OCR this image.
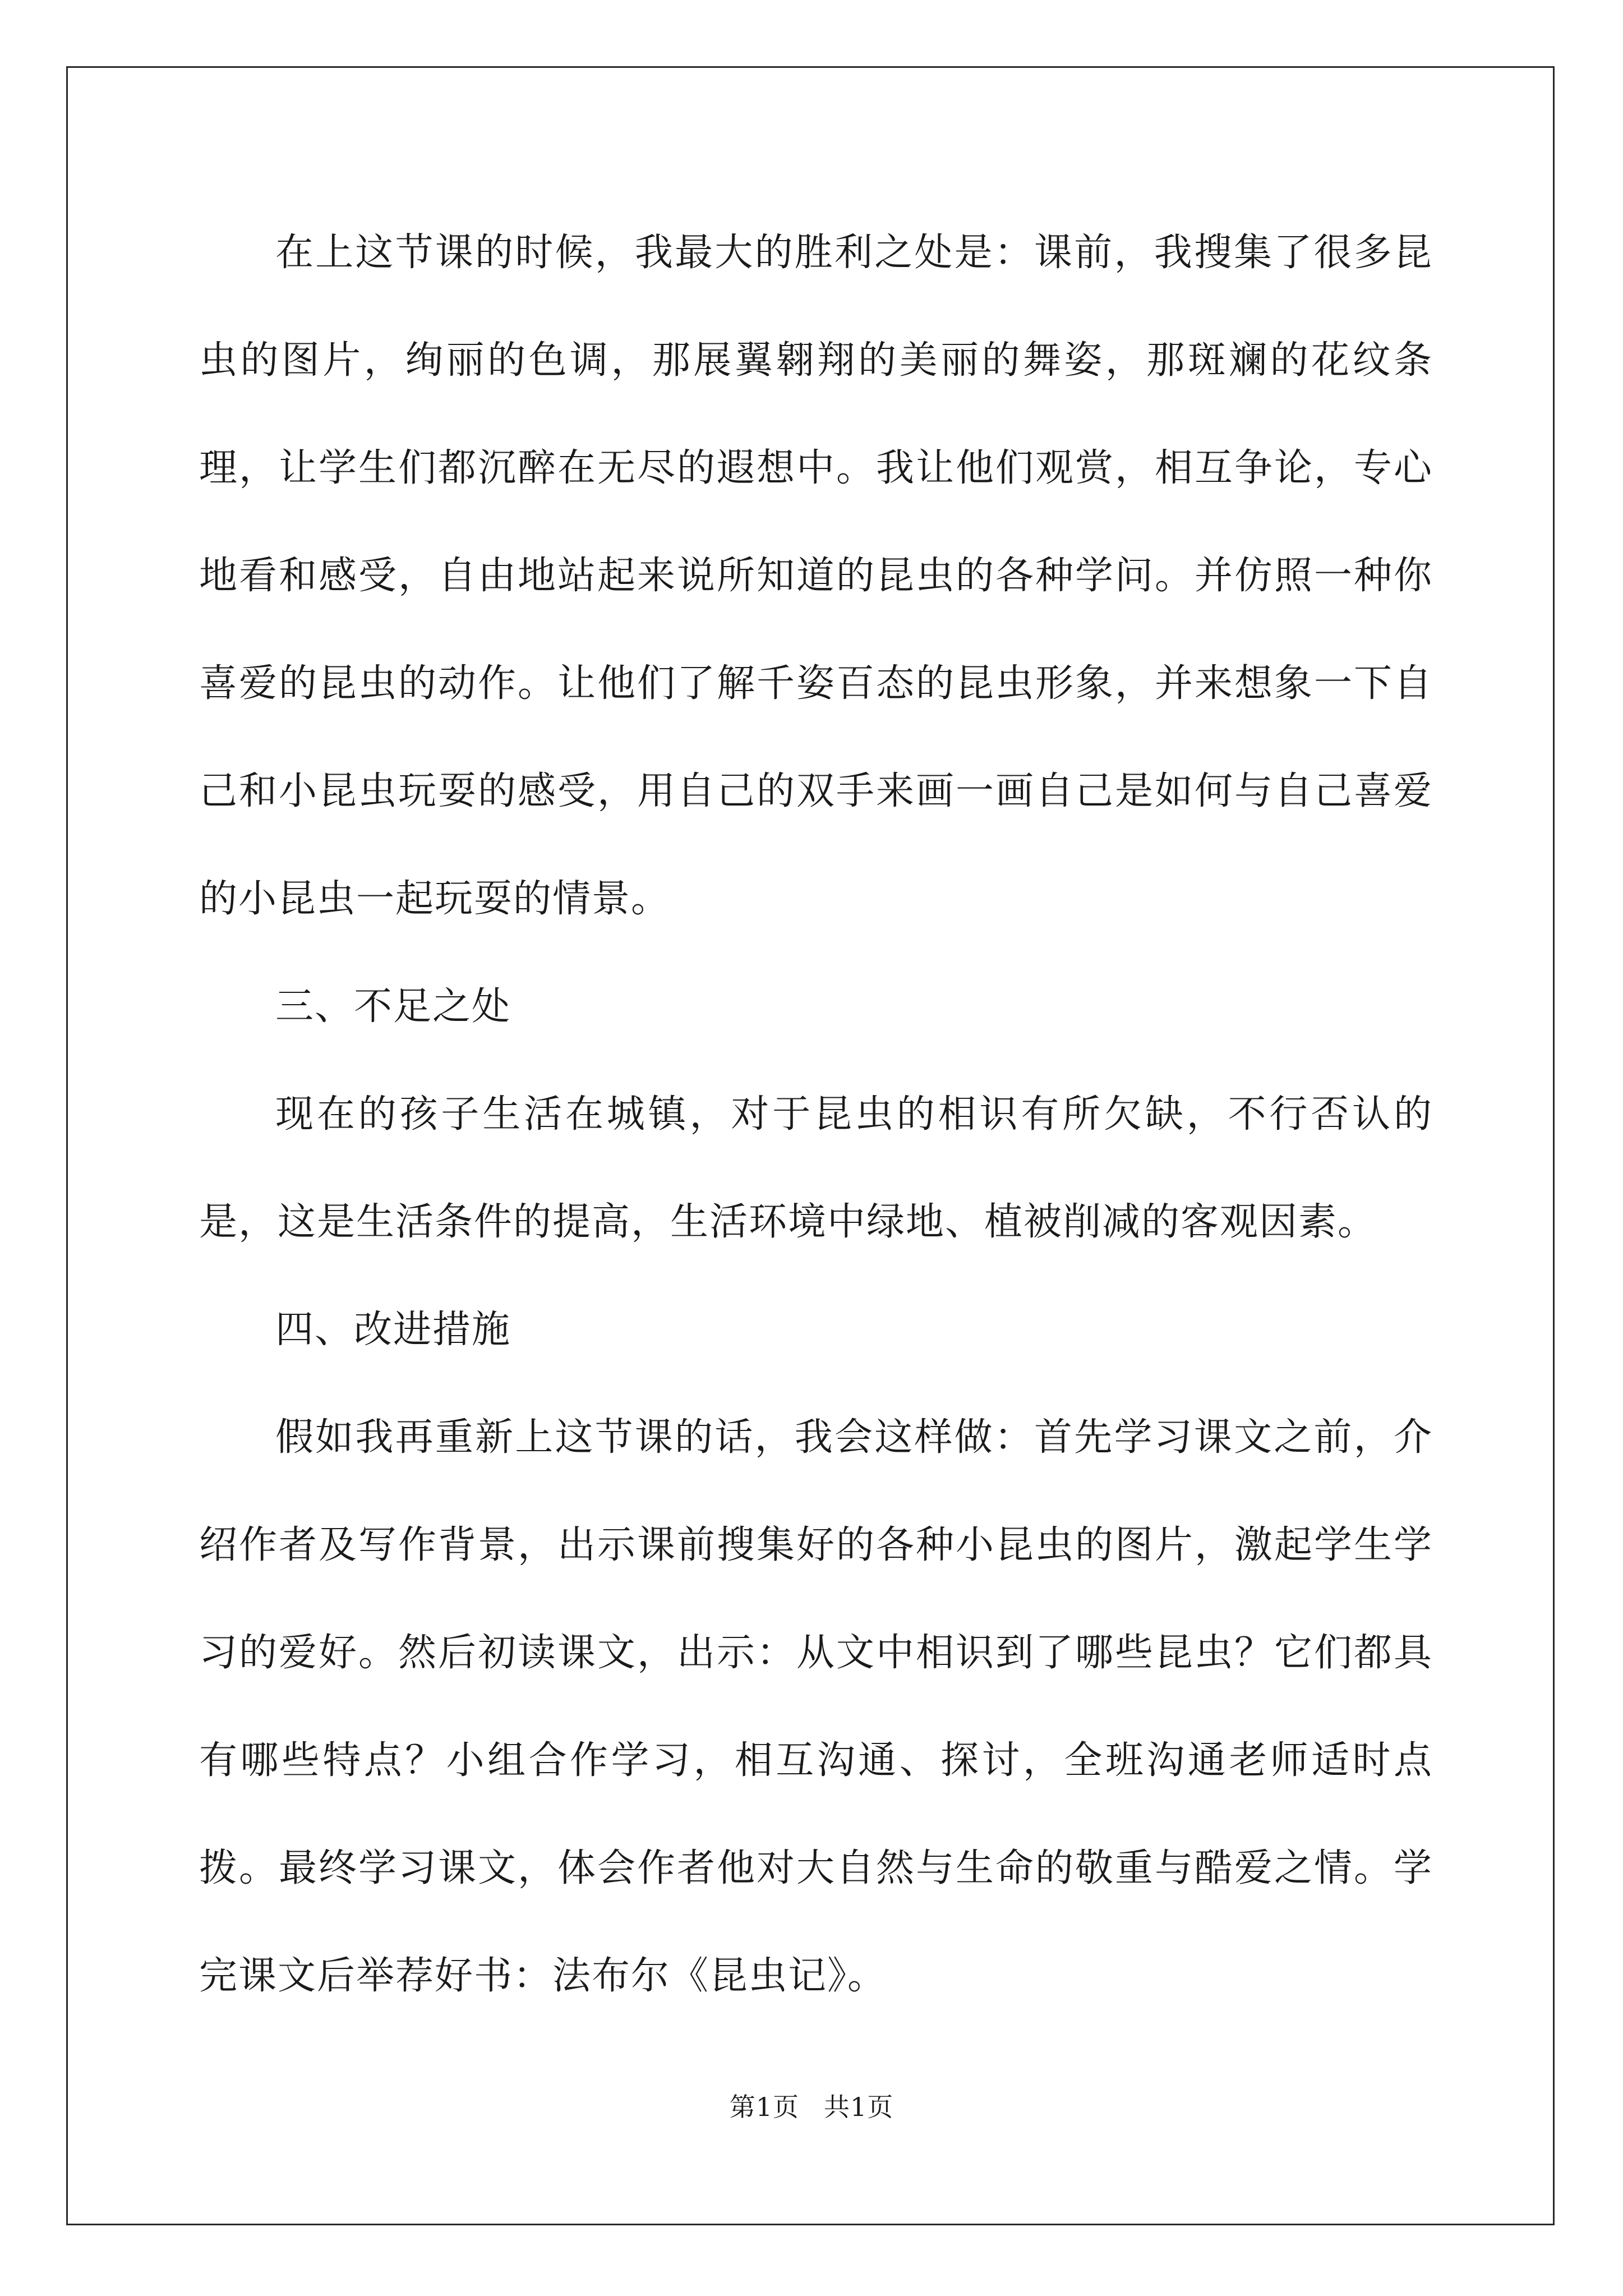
在上这节课的时候，我最大的胜利之处是：课前，我搜集了很多昆虫的图片，绚丽的色调，那展翼翱翔的美丽的舞姿，那斑斓的花纹条理，让学生们都沉醉在无尽的遐想中。我让他们观赏，相互争论，专心地看和感受，自由地站起来说所知道的昆虫的各种学问。并仿照一种你喜爱的昆虫的动作。让他们了解千姿百态的昆虫形象，并来想象一下自己和小昆虫玩耍的感受，用自己的双手来画一画自己是如何与自己喜爱的小昆虫一起玩耍的情景。

三、不足之处

现在的孩子生活在城镇，对于昆虫的相识有所欠缺，不行否认的是，这是生活条件的提高，生活环境中绿地、植被削减的客观因素。

四、改进措施

假如我再重新上这节课的话，我会这样做：首先学习课文之前，介绍作者及写作背景，出示课前搜集好的各种小昆虫的图片，激起学生学习的爱好。然后初读课文，出示：从文中相识到了哪些昆虫？它们都具有哪些特点？小组合作学习，相互沟通、探讨，全班沟通老师适时点拨。最终学习课文，体会作者他对大自然与生命的敬重与酷爱之情。学完课文后举荐好书：法布尔《昆虫记》。

第1页 共1页
